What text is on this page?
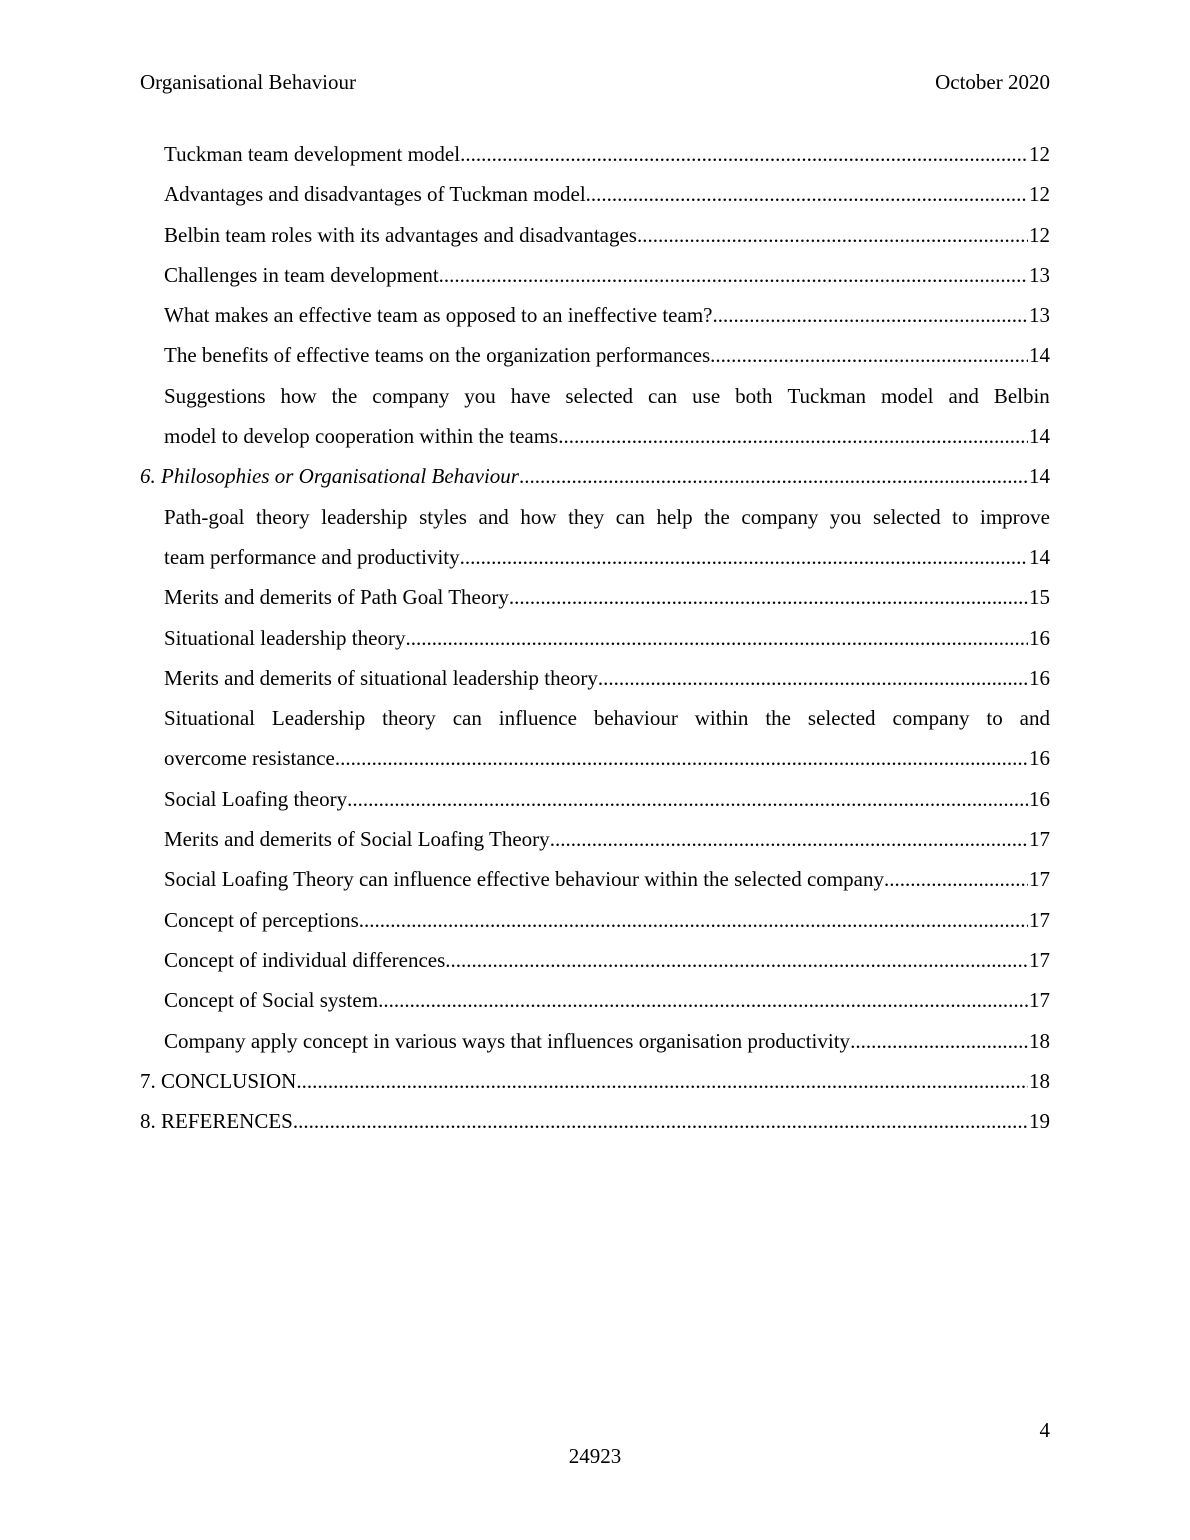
Organisational Behaviour	October 2020
Tuckman team development model .....	12
Advantages and disadvantages of Tuckman model .....	12
Belbin team roles with its advantages and disadvantages .....	12
Challenges in team development .....	13
What makes an effective team as opposed to an ineffective team? .....	13
The benefits of effective teams on the organization performances .....	14
Suggestions how the company you have selected can use both Tuckman model and Belbin
model to develop cooperation within the teams .....	14
6. Philosophies or Organisational Behaviour .....	14
Path-goal theory leadership styles and how they can help the company you selected to improve
team performance and productivity .....	14
Merits and demerits of Path Goal Theory .....	15
Situational leadership theory .....	16
Merits and demerits of situational leadership theory .....	16
Situational Leadership theory can influence behaviour within the selected company to and
overcome resistance .....	16
Social Loafing theory .....	16
Merits and demerits of Social Loafing Theory .....	17
Social Loafing Theory can influence effective behaviour within the selected company .....	17
Concept of perceptions .....	17
Concept of individual differences .....	17
Concept of Social system .....	17
Company apply concept in various ways that influences organisation productivity .....	18
7. CONCLUSION .....	18
8. REFERENCES .....	19
4
24923
